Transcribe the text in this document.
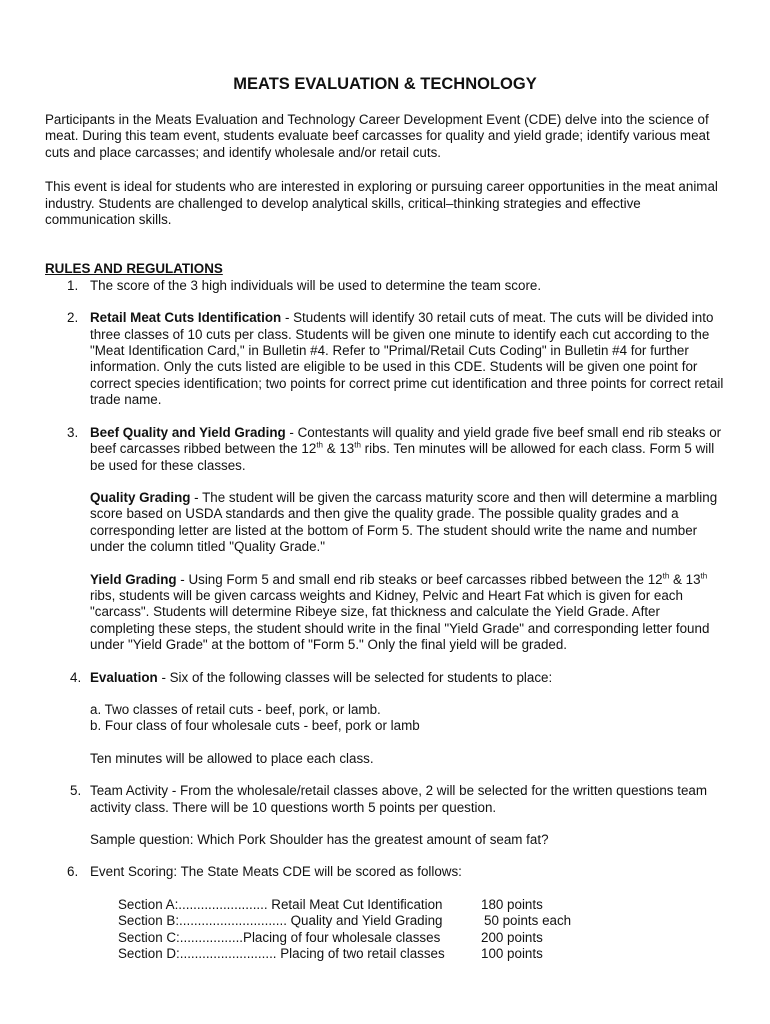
MEATS EVALUATION & TECHNOLOGY

Participants in the Meats Evaluation and Technology Career Development Event (CDE) delve into the science of meat. During this team event, students evaluate beef carcasses for quality and yield grade; identify various meat cuts and place carcasses; and identify wholesale and/or retail cuts.

This event is ideal for students who are interested in exploring or pursuing career opportunities in the meat animal industry. Students are challenged to develop analytical skills, critical–thinking strategies and effective communication skills.

RULES AND REGULATIONS
1. The score of the 3 high individuals will be used to determine the team score.

2. Retail Meat Cuts Identification - Students will identify 30 retail cuts of meat. The cuts will be divided into three classes of 10 cuts per class. Students will be given one minute to identify each cut according to the "Meat Identification Card," in Bulletin #4. Refer to "Primal/Retail Cuts Coding" in Bulletin #4 for further information. Only the cuts listed are eligible to be used in this CDE. Students will be given one point for correct species identification; two points for correct prime cut identification and three points for correct retail trade name.

3. Beef Quality and Yield Grading - Contestants will quality and yield grade five beef small end rib steaks or beef carcasses ribbed between the 12th & 13th ribs. Ten minutes will be allowed for each class. Form 5 will be used for these classes.

Quality Grading - The student will be given the carcass maturity score and then will determine a marbling score based on USDA standards and then give the quality grade. The possible quality grades and a corresponding letter are listed at the bottom of Form 5. The student should write the name and number under the column titled "Quality Grade."

Yield Grading - Using Form 5 and small end rib steaks or beef carcasses ribbed between the 12th & 13th ribs, students will be given carcass weights and Kidney, Pelvic and Heart Fat which is given for each "carcass". Students will determine Ribeye size, fat thickness and calculate the Yield Grade. After completing these steps, the student should write in the final "Yield Grade" and corresponding letter found under "Yield Grade" at the bottom of "Form 5." Only the final yield will be graded.

4. Evaluation - Six of the following classes will be selected for students to place:

a. Two classes of retail cuts - beef, pork, or lamb.

b. Four class of four wholesale cuts - beef, pork or lamb

Ten minutes will be allowed to place each class.

5. Team Activity - From the wholesale/retail classes above, 2 will be selected for the written questions team activity class. There will be 10 questions worth 5 points per question.

Sample question: Which Pork Shoulder has the greatest amount of seam fat?

6. Event Scoring: The State Meats CDE will be scored as follows:

Section A:........................ Retail Meat Cut Identification	180 points
Section B:............................. Quality and Yield Grading	50 points each
Section C:.................Placing of four wholesale classes	200 points
Section D:.......................... Placing of two retail classes	100 points
